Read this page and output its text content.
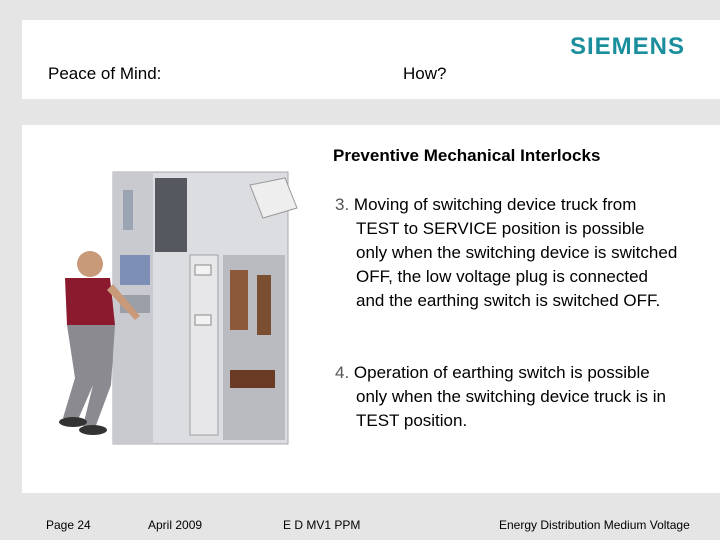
Peace of Mind:	How?
SIEMENS
Preventive Mechanical Interlocks
3. Moving of switching device truck from TEST to SERVICE position is possible only when the switching device is switched OFF, the low voltage plug is connected and the earthing switch is switched OFF.
4. Operation of earthing switch is possible only when the switching device truck is in TEST position.
Page 24	April 2009	E D MV1 PPM	Energy Distribution Medium Voltage
